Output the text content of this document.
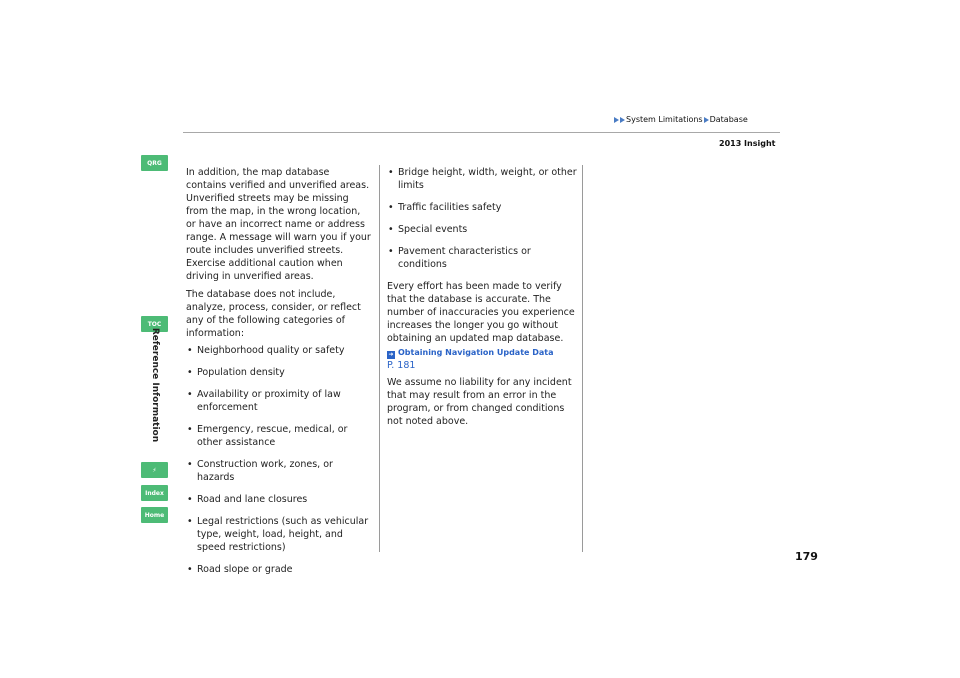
System Limitations Database
2013 Insight
QRG
TOC
Reference Information
⚡
Index
Home

In addition, the map database contains verified and unverified areas. Unverified streets may be missing from the map, in the wrong location, or have an incorrect name or address range. A message will warn you if your route includes unverified streets. Exercise additional caution when driving in unverified areas.

The database does not include, analyze, process, consider, or reflect any of the following categories of information:

• Neighborhood quality or safety

• Population density

• Availability or proximity of law enforcement

• Emergency, rescue, medical, or other assistance

• Construction work, zones, or hazards

• Road and lane closures

• Legal restrictions (such as vehicular type, weight, load, height, and speed restrictions)

• Road slope or grade

• Bridge height, width, weight, or other limits

• Traffic facilities safety

• Special events

• Pavement characteristics or conditions

Every effort has been made to verify that the database is accurate. The number of inaccuracies you experience increases the longer you go without obtaining an updated map database.

➜ Obtaining Navigation Update Data

P. 181

We assume no liability for any incident that may result from an error in the program, or from changed conditions not noted above.

179
